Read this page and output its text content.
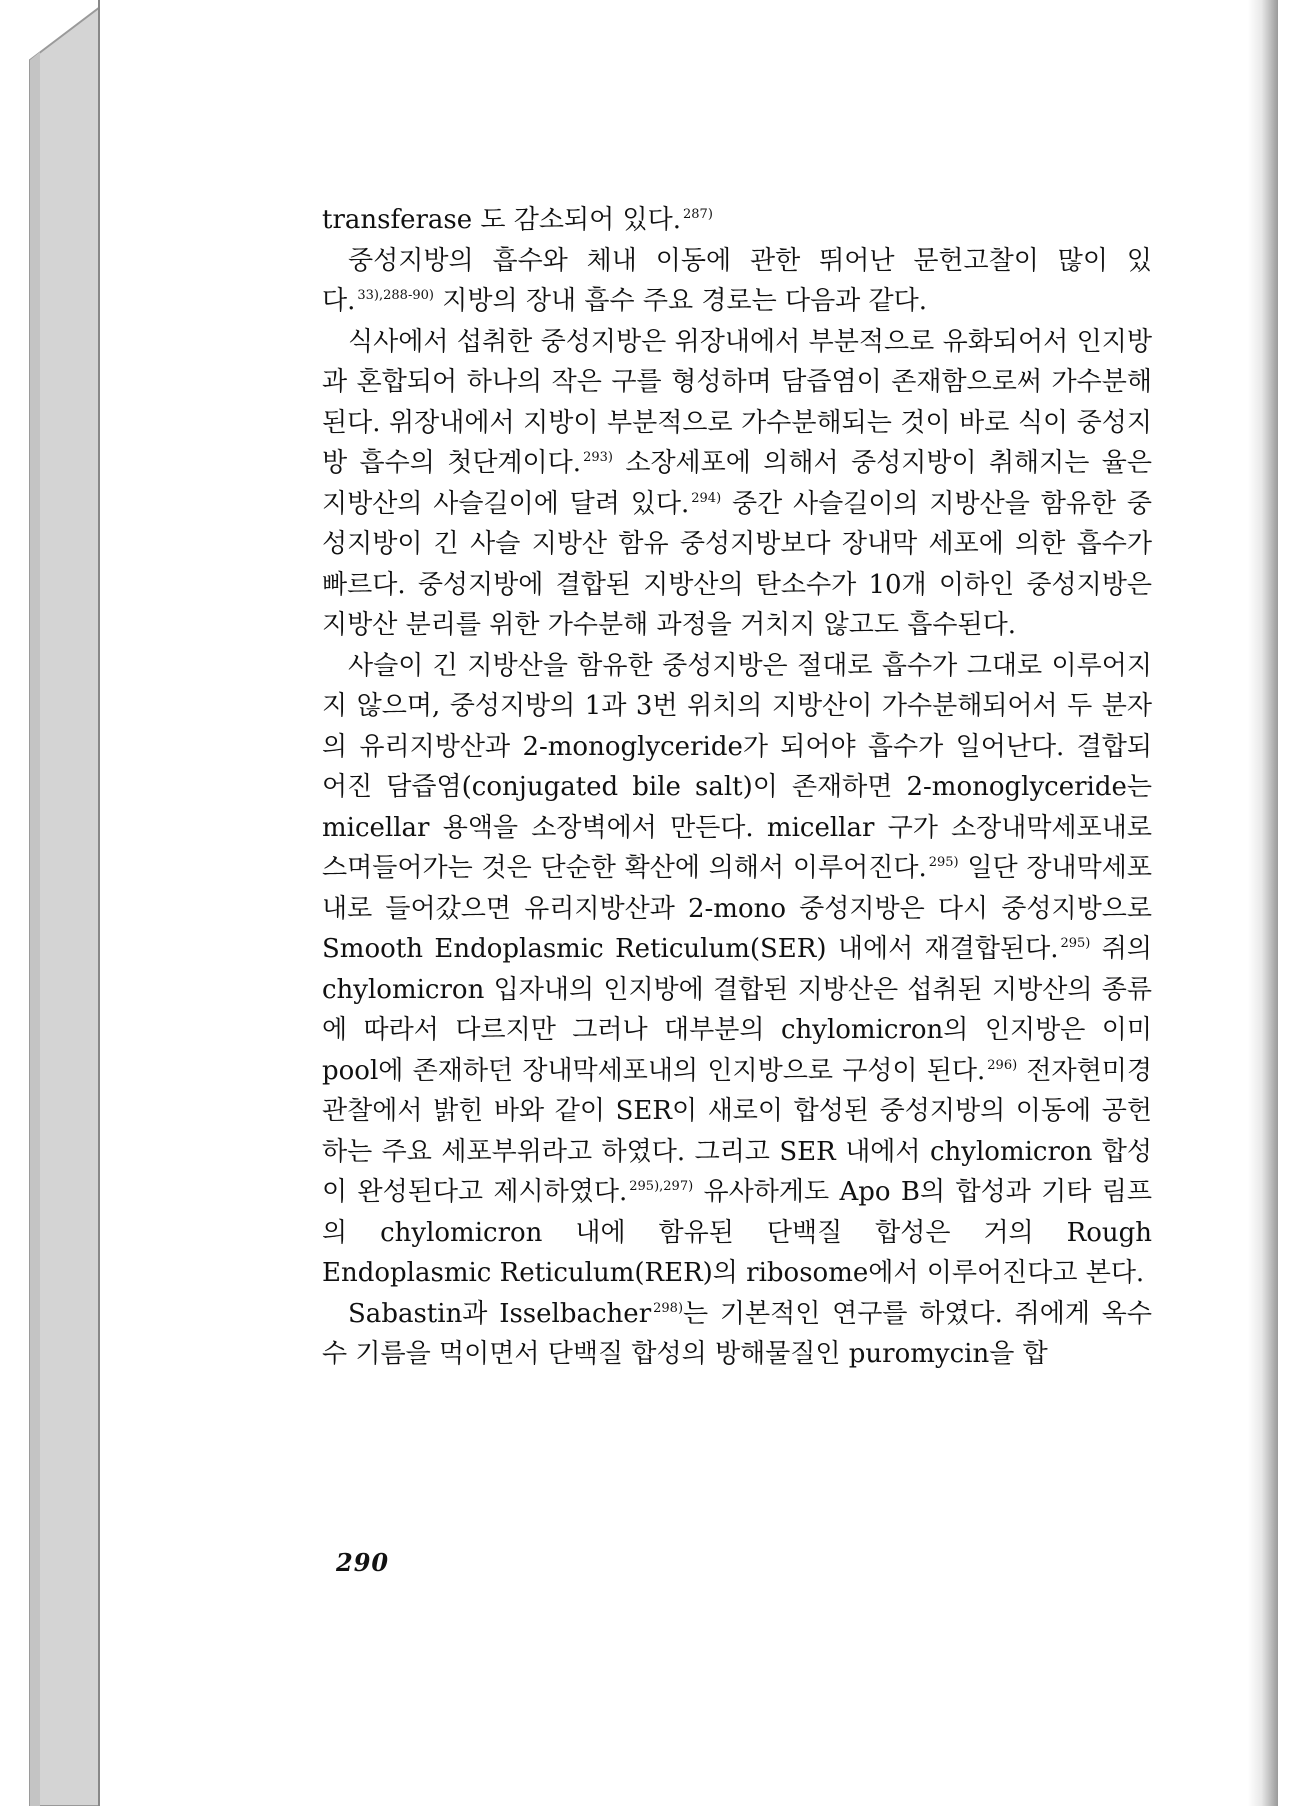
transferase 도 감소되어 있다. $^{287)}$

중성지방의 흡수와 체내 이동에 관한 뛰어난 문헌고찰이 많이 있다. $^{33),288-90)}$ 지방의 장내 흡수 주요 경로는 다음과 같다.

식사에서 섭취한 중성지방은 위장내에서 부분적으로 유화되어서 인지방과 혼합되어 하나의 작은 구를 형성하며 담즙염이 존재함으로써 가수분해된다. 위장내에서 지방이 부분적으로 가수분해되는 것이 바로 식이 중성지방 흡수의 첫단계이다. $^{293)}$ 소장세포에 의해서 중성지방이 취해지는 율은 지방산의 사슬길이에 달려 있다. $^{294)}$ 중간 사슬길이의 지방산을 함유한 중성지방이 긴 사슬 지방산 함유 중성지방보다 장내막 세포에 의한 흡수가 빠르다. 중성지방에 결합된 지방산의 탄소수가 10개 이하인 중성지방은 지방산 분리를 위한 가수분해 과정을 거치지 않고도 흡수된다.

사슬이 긴 지방산을 함유한 중성지방은 절대로 흡수가 그대로 이루어지지 않으며, 중성지방의 1과 3번 위치의 지방산이 가수분해되어서 두 분자의 유리지방산과 2-monoglyceride가 되어야 흡수가 일어난다. 결합되어진 담즙염(conjugated bile salt)이 존재하면 2-monoglyceride는 micellar 용액을 소장벽에서 만든다. micellar 구가 소장내막세포내로 스며들어가는 것은 단순한 확산에 의해서 이루어진다. $^{295)}$ 일단 장내막세포내로 들어갔으면 유리지방산과 2-mono 중성지방은 다시 중성지방으로 Smooth Endoplasmic Reticulum(SER) 내에서 재결합된다. $^{295)}$ 쥐의 chylomicron 입자내의 인지방에 결합된 지방산은 섭취된 지방산의 종류에 따라서 다르지만 그러나 대부분의 chylomicron의 인지방은 이미 pool에 존재하던 장내막세포내의 인지방으로 구성이 된다. $^{296)}$ 전자현미경 관찰에서 밝힌 바와 같이 SER이 새로이 합성된 중성지방의 이동에 공헌하는 주요 세포부위라고 하였다. 그리고 SER 내에서 chylomicron 합성이 완성된다고 제시하였다. $^{295),297)}$ 유사하게도 Apo B의 합성과 기타 림프의 chylomicron 내에 함유된 단백질 합성은 거의 Rough Endoplasmic Reticulum(RER)의 ribosome에서 이루어진다고 본다.

Sabastin과 Isselbacher $^{298)}$는 기본적인 연구를 하였다. 쥐에게 옥수수 기름을 먹이면서 단백질 합성의 방해물질인 puromycin을 합

290
